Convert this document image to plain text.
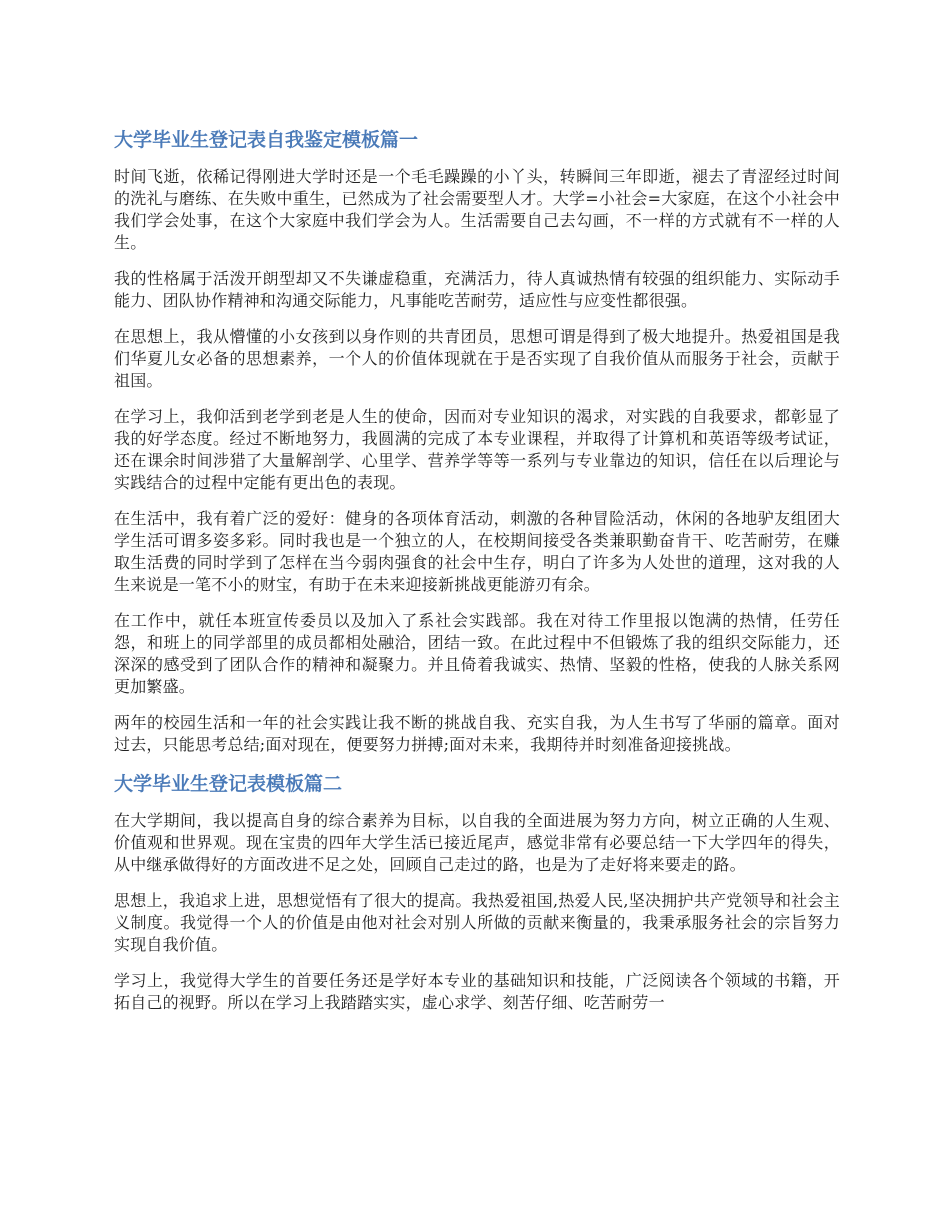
大学毕业生登记表自我鉴定模板篇一

时间飞逝，依稀记得刚进大学时还是一个毛毛躁躁的小丫头，转瞬间三年即逝，褪去了青涩经过时间的洗礼与磨练、在失败中重生，已然成为了社会需要型人才。大学=小社会=大家庭，在这个小社会中我们学会处事，在这个大家庭中我们学会为人。生活需要自己去勾画，不一样的方式就有不一样的人生。

我的性格属于活泼开朗型却又不失谦虚稳重，充满活力，待人真诚热情有较强的组织能力、实际动手能力、团队协作精神和沟通交际能力，凡事能吃苦耐劳，适应性与应变性都很强。

在思想上，我从懵懂的小女孩到以身作则的共青团员，思想可谓是得到了极大地提升。热爱祖国是我们华夏儿女必备的思想素养，一个人的价值体现就在于是否实现了自我价值从而服务于社会，贡献于祖国。

在学习上，我仰活到老学到老是人生的使命，因而对专业知识的渴求，对实践的自我要求，都彰显了我的好学态度。经过不断地努力，我圆满的完成了本专业课程，并取得了计算机和英语等级考试证，还在课余时间涉猎了大量解剖学、心里学、营养学等等一系列与专业靠边的知识，信任在以后理论与实践结合的过程中定能有更出色的表现。

在生活中，我有着广泛的爱好：健身的各项体育活动，刺激的各种冒险活动，休闲的各地驴友组团大学生活可谓多姿多彩。同时我也是一个独立的人，在校期间接受各类兼职勤奋肯干、吃苦耐劳，在赚取生活费的同时学到了怎样在当今弱肉强食的社会中生存，明白了许多为人处世的道理，这对我的人生来说是一笔不小的财宝，有助于在未来迎接新挑战更能游刃有余。

在工作中，就任本班宣传委员以及加入了系社会实践部。我在对待工作里报以饱满的热情，任劳任怨，和班上的同学部里的成员都相处融洽，团结一致。在此过程中不但锻炼了我的组织交际能力，还深深的感受到了团队合作的精神和凝聚力。并且倚着我诚实、热情、坚毅的性格，使我的人脉关系网更加繁盛。

两年的校园生活和一年的社会实践让我不断的挑战自我、充实自我，为人生书写了华丽的篇章。面对过去，只能思考总结;面对现在，便要努力拼搏;面对未来，我期待并时刻准备迎接挑战。

大学毕业生登记表模板篇二

在大学期间，我以提高自身的综合素养为目标，以自我的全面进展为努力方向，树立正确的人生观、价值观和世界观。现在宝贵的四年大学生活已接近尾声，感觉非常有必要总结一下大学四年的得失，从中继承做得好的方面改进不足之处，回顾自己走过的路，也是为了走好将来要走的路。

思想上，我追求上进，思想觉悟有了很大的提高。我热爱祖国,热爱人民,坚决拥护共产党领导和社会主义制度。我觉得一个人的价值是由他对社会对别人所做的贡献来衡量的，我秉承服务社会的宗旨努力实现自我价值。

学习上，我觉得大学生的首要任务还是学好本专业的基础知识和技能，广泛阅读各个领域的书籍，开拓自己的视野。所以在学习上我踏踏实实，虚心求学、刻苦仔细、吃苦耐劳一
